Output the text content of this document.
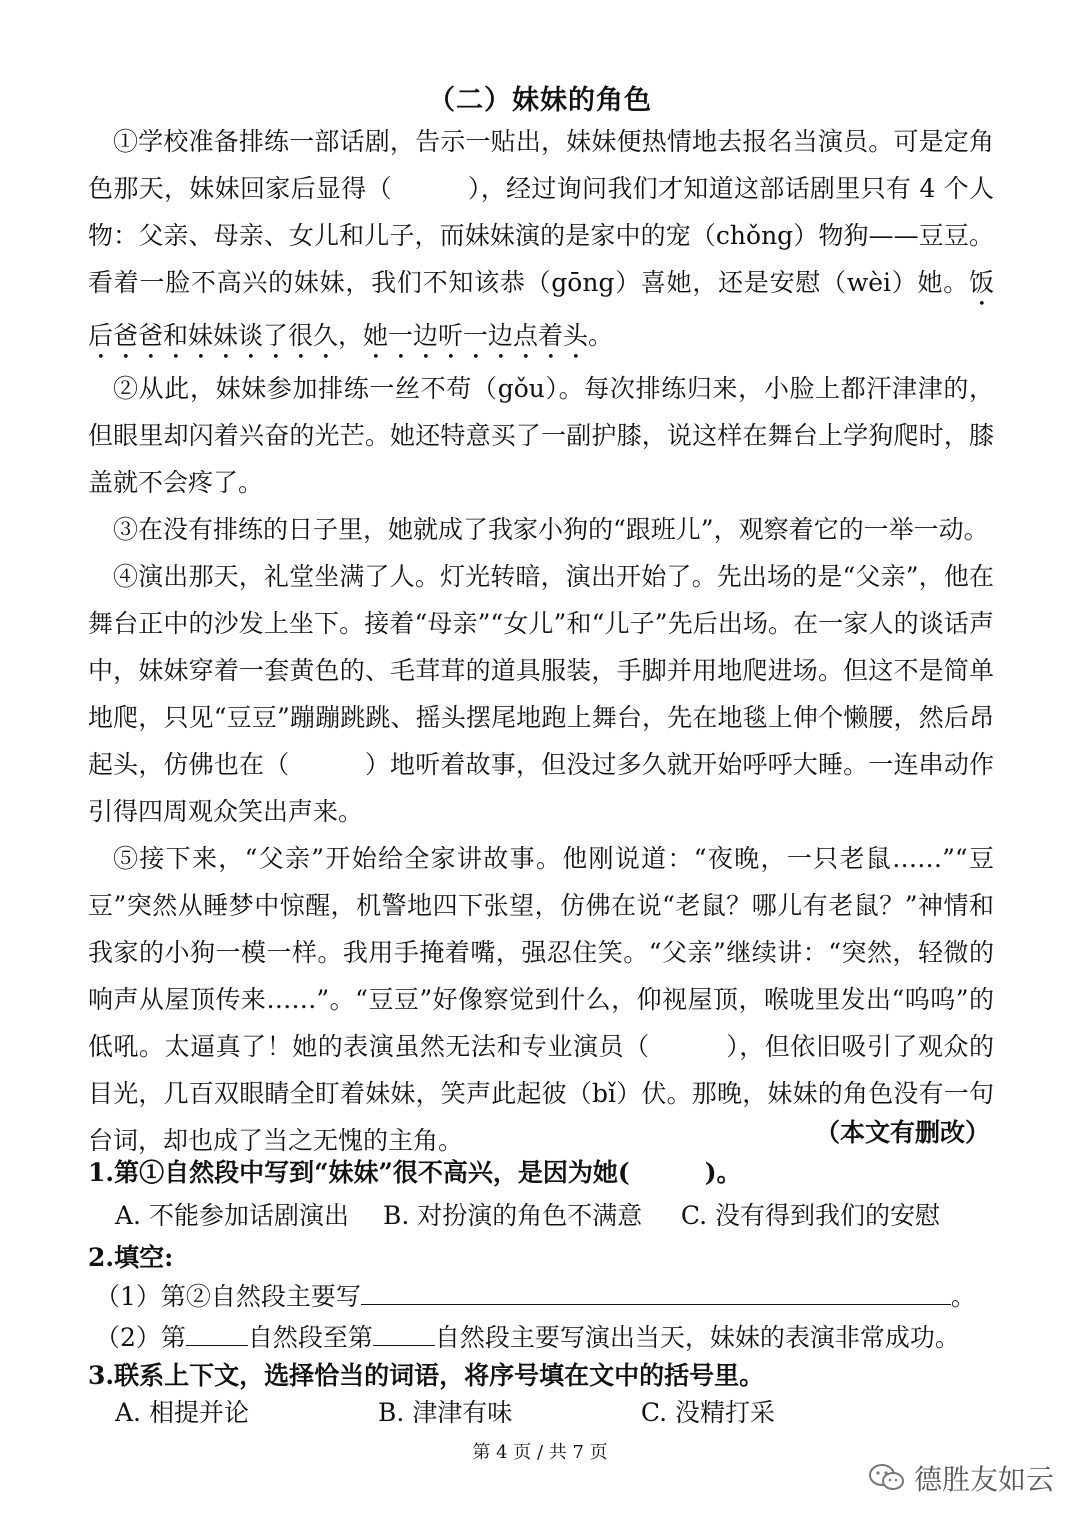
（二）妹妹的角色

①学校准备排练一部话剧，告示一贴出，妹妹便热情地去报名当演员。可是定角色那天，妹妹回家后显得（　　　），经过询问我们才知道这部话剧里只有 4 个人物：父亲、母亲、女儿和儿子，而妹妹演的是家中的宠（chǒng）物狗——豆豆。看着一脸不高兴的妹妹，我们不知该恭（gōng）喜她，还是安慰（wèi）她。饭后爸爸和妹妹谈了很久，她一边听一边点着头。

②从此，妹妹参加排练一丝不苟（gǒu）。每次排练归来，小脸上都汗津津的，但眼里却闪着兴奋的光芒。她还特意买了一副护膝，说这样在舞台上学狗爬时，膝盖就不会疼了。

③在没有排练的日子里，她就成了我家小狗的“跟班儿”，观察着它的一举一动。

④演出那天，礼堂坐满了人。灯光转暗，演出开始了。先出场的是“父亲”，他在舞台正中的沙发上坐下。接着“母亲”“女儿”和“儿子”先后出场。在一家人的谈话声中，妹妹穿着一套黄色的、毛茸茸的道具服装，手脚并用地爬进场。但这不是简单地爬，只见“豆豆”蹦蹦跳跳、摇头摆尾地跑上舞台，先在地毯上伸个懒腰，然后昂起头，仿佛也在（　　　）地听着故事，但没过多久就开始呼呼大睡。一连串动作引得四周观众笑出声来。

⑤接下来，“父亲”开始给全家讲故事。他刚说道：“夜晚，一只老鼠……”“豆豆”突然从睡梦中惊醒，机警地四下张望，仿佛在说“老鼠？哪儿有老鼠？”神情和我家的小狗一模一样。我用手掩着嘴，强忍住笑。“父亲”继续讲：“突然，轻微的响声从屋顶传来……”。“豆豆”好像察觉到什么，仰视屋顶，喉咙里发出“呜呜”的低吼。太逼真了！她的表演虽然无法和专业演员（　　　），但依旧吸引了观众的目光，几百双眼睛全盯着妹妹，笑声此起彼（bǐ）伏。那晚，妹妹的角色没有一句台词，却也成了当之无愧的主角。	（本文有删改）
1.第①自然段中写到“妹妹”很不高兴，是因为她(　　　)。
A. 不能参加话剧演出 B. 对扮演的角色不满意 C. 没有得到我们的安慰
2.填空:
（1）第②自然段主要写	。
（2）第 自然段至第 自然段主要写演出当天，妹妹的表演非常成功。
3.联系上下文，选择恰当的词语，将序号填在文中的括号里。
A. 相提并论	B. 津津有味	C. 没精打采
第 4 页 / 共 7 页
德胜友如云
